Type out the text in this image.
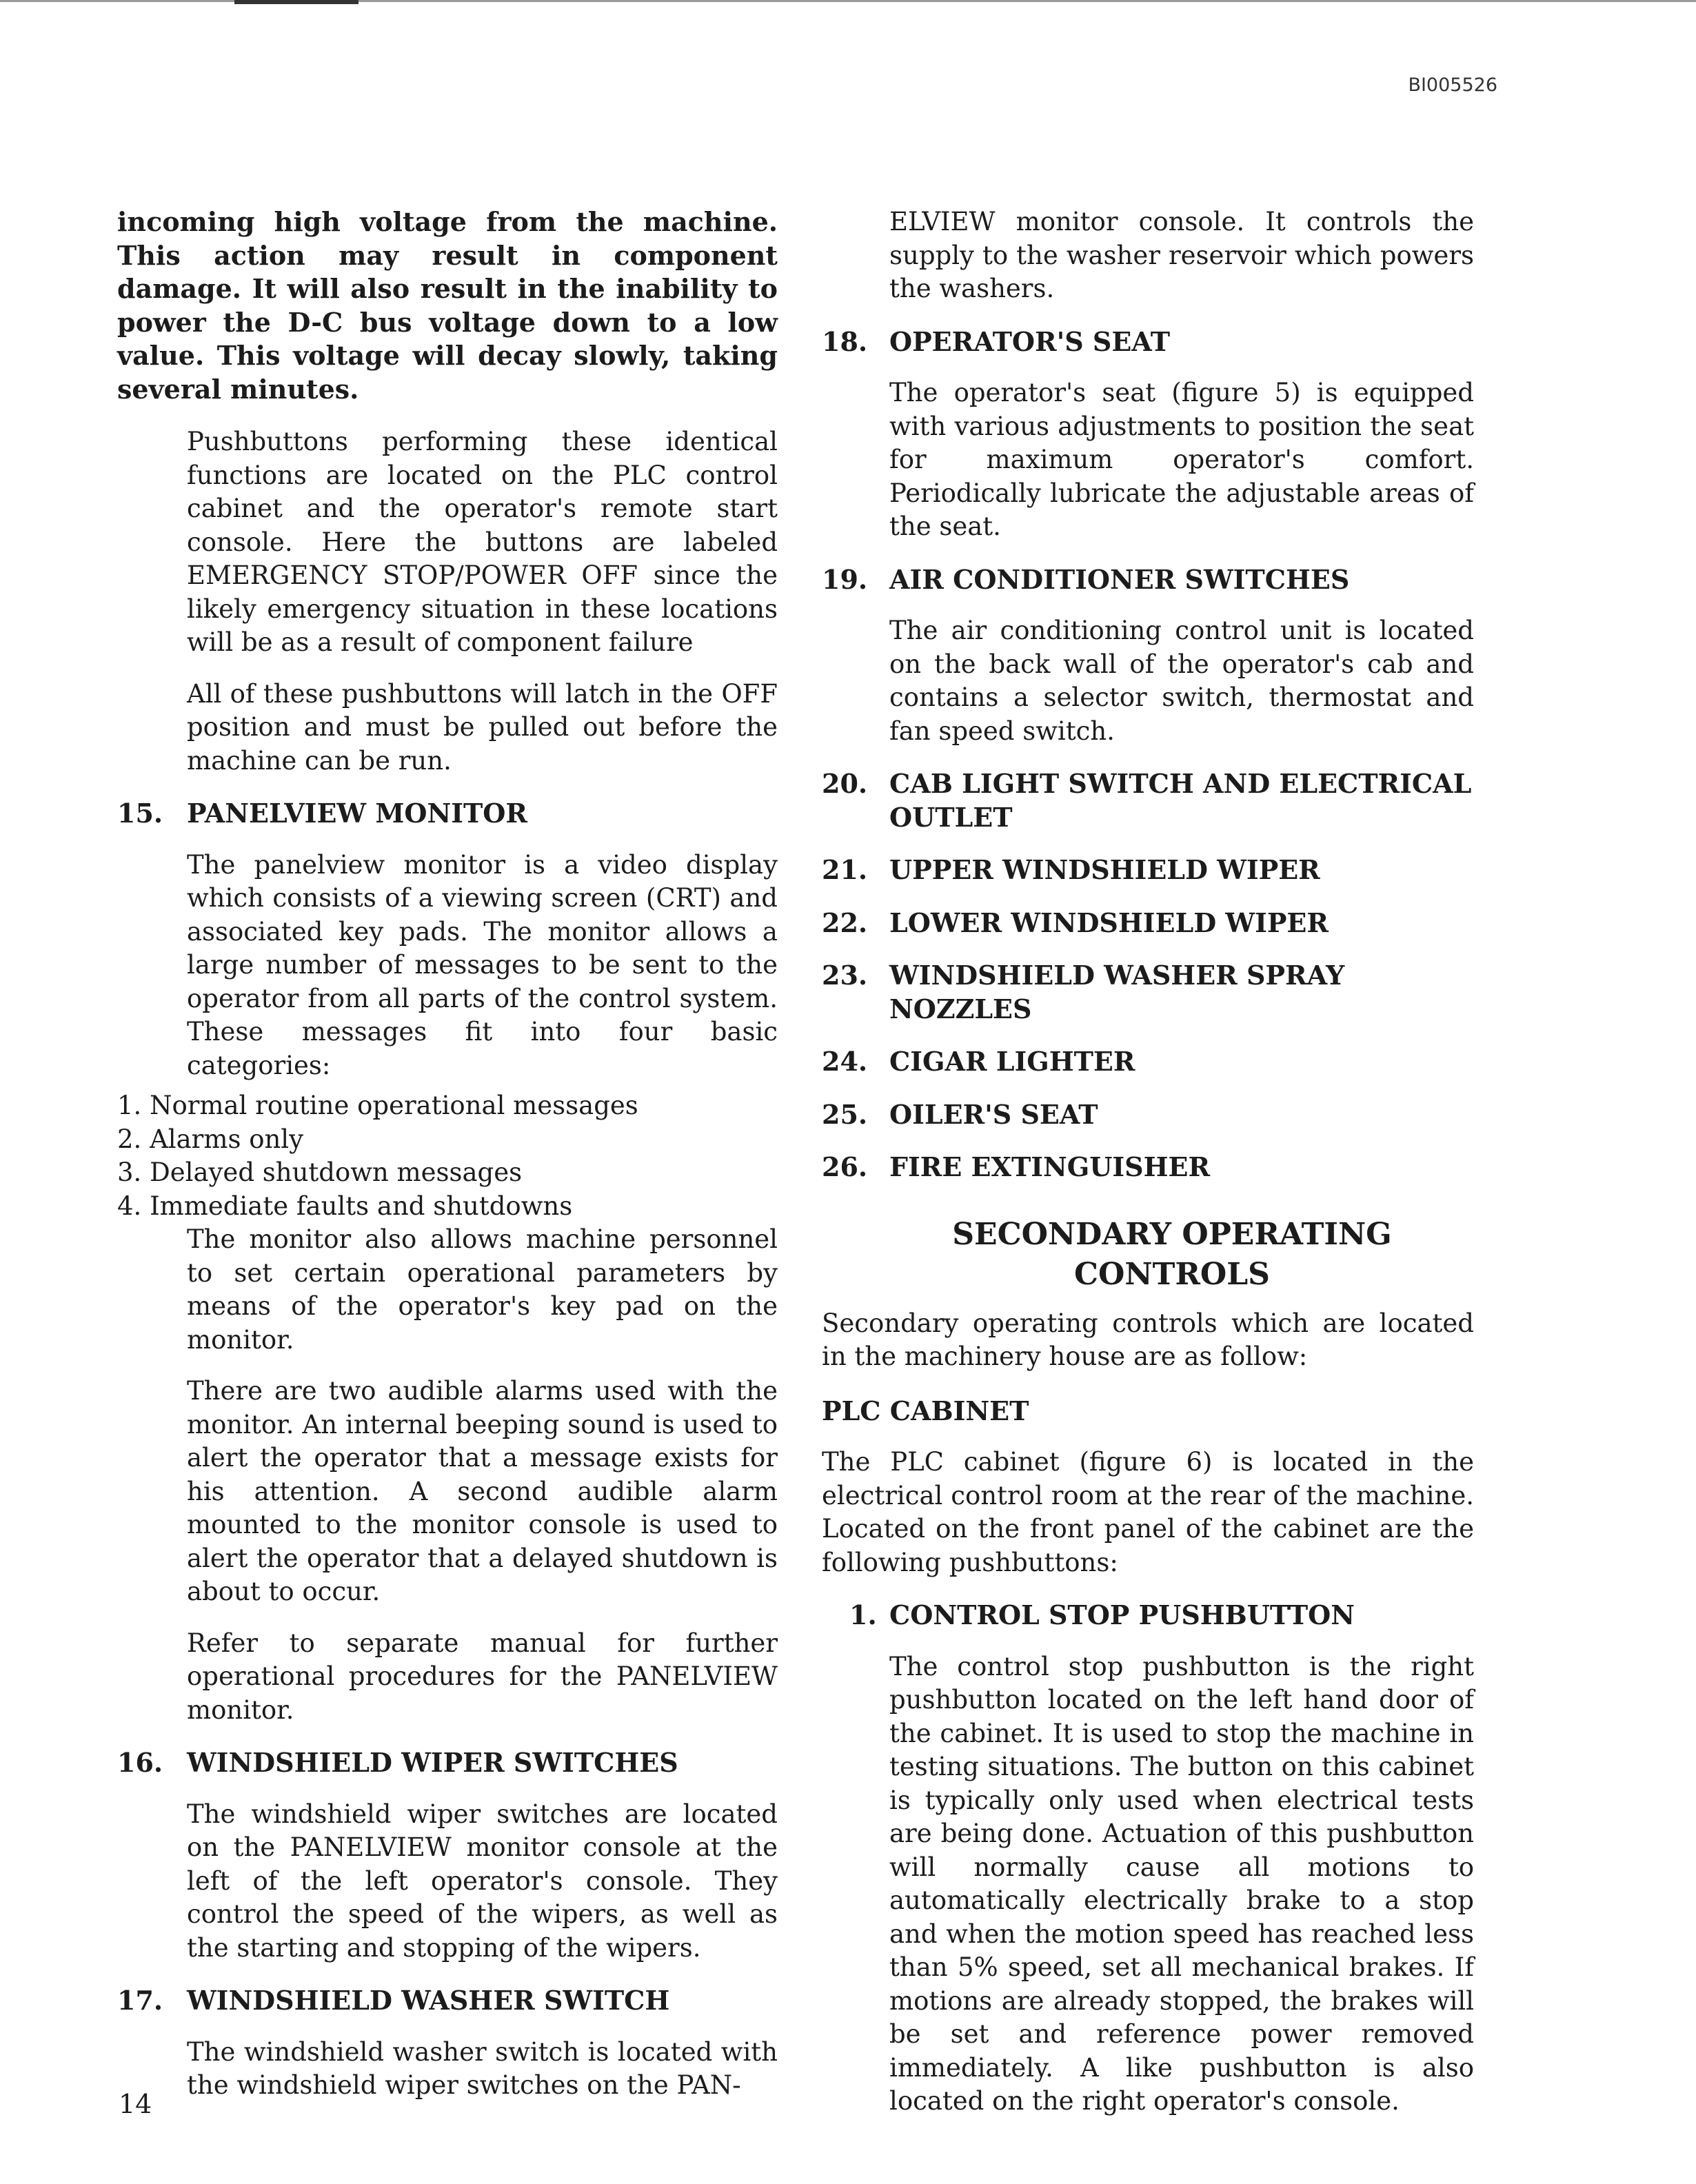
BI005526

incoming high voltage from the machine. This action may result in component damage. It will also result in the inability to power the D-C bus voltage down to a low value. This voltage will decay slowly, taking several minutes.

Pushbuttons performing these identical functions are located on the PLC control cabinet and the operator's remote start console. Here the buttons are labeled EMERGENCY STOP/POWER OFF since the likely emergency situation in these locations will be as a result of component failure

All of these pushbuttons will latch in the OFF position and must be pulled out before the machine can be run.

15. PANELVIEW MONITOR

The panelview monitor is a video display which consists of a viewing screen (CRT) and associated key pads. The monitor allows a large number of messages to be sent to the operator from all parts of the control system. These messages fit into four basic categories:

1. Normal routine operational messages
2. Alarms only
3. Delayed shutdown messages
4. Immediate faults and shutdowns

The monitor also allows machine personnel to set certain operational parameters by means of the operator's key pad on the monitor.

There are two audible alarms used with the monitor. An internal beeping sound is used to alert the operator that a message exists for his attention. A second audible alarm mounted to the monitor console is used to alert the operator that a delayed shutdown is about to occur.

Refer to separate manual for further operational procedures for the PANELVIEW monitor.

16. WINDSHIELD WIPER SWITCHES

The windshield wiper switches are located on the PANELVIEW monitor console at the left of the left operator's console. They control the speed of the wipers, as well as the starting and stopping of the wipers.

17. WINDSHIELD WASHER SWITCH

The windshield washer switch is located with the windshield wiper switches on the PAN-

ELVIEW monitor console. It controls the supply to the washer reservoir which powers the washers.

18. OPERATOR'S SEAT

The operator's seat (figure 5) is equipped with various adjustments to position the seat for maximum operator's comfort. Periodically lubricate the adjustable areas of the seat.

19. AIR CONDITIONER SWITCHES

The air conditioning control unit is located on the back wall of the operator's cab and contains a selector switch, thermostat and fan speed switch.

20. CAB LIGHT SWITCH AND ELECTRICAL OUTLET
21. UPPER WINDSHIELD WIPER
22. LOWER WINDSHIELD WIPER
23. WINDSHIELD WASHER SPRAY NOZZLES
24. CIGAR LIGHTER
25. OILER'S SEAT
26. FIRE EXTINGUISHER
SECONDARY OPERATING CONTROLS

Secondary operating controls which are located in the machinery house are as follow:

PLC CABINET

The PLC cabinet (figure 6) is located in the electrical control room at the rear of the machine. Located on the front panel of the cabinet are the following pushbuttons:

1. CONTROL STOP PUSHBUTTON

The control stop pushbutton is the right pushbutton located on the left hand door of the cabinet. It is used to stop the machine in testing situations. The button on this cabinet is typically only used when electrical tests are being done. Actuation of this pushbutton will normally cause all motions to automatically electrically brake to a stop and when the motion speed has reached less than 5% speed, set all mechanical brakes. If motions are already stopped, the brakes will be set and reference power removed immediately. A like pushbutton is also located on the right operator's console.

14
